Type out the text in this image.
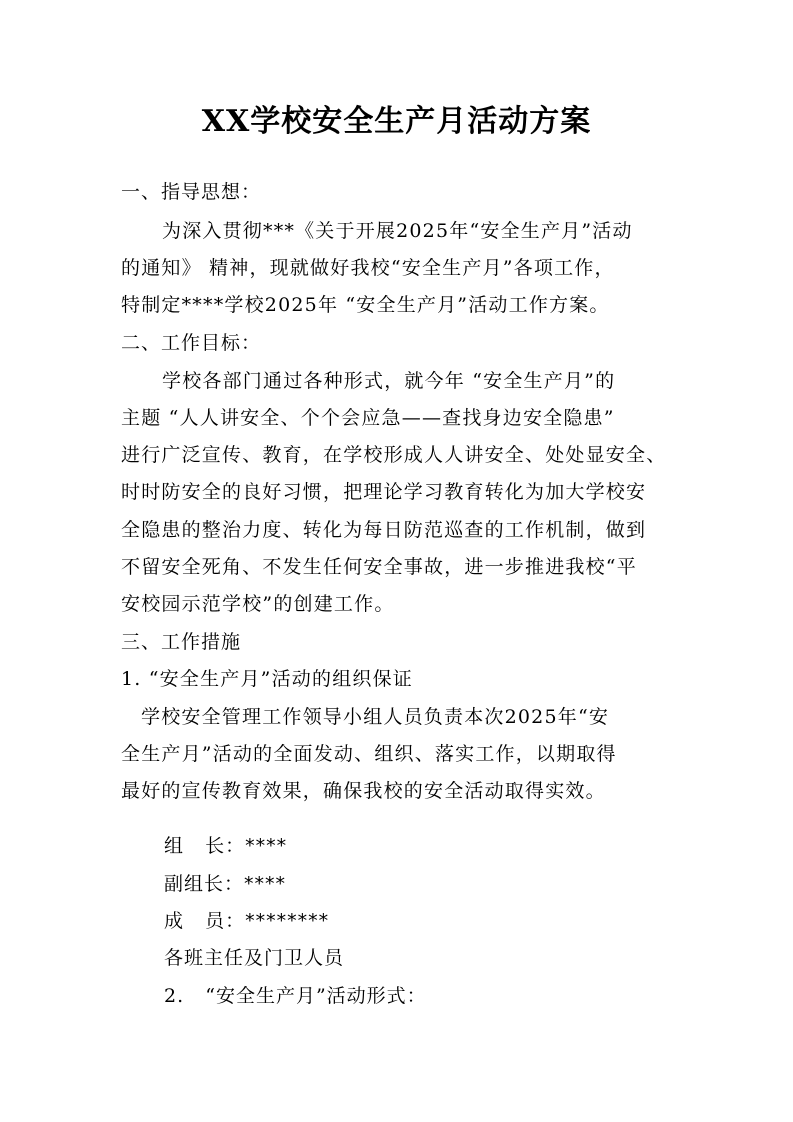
XX学校安全生产月活动方案
一、指导思想：
为深入贯彻***《关于开展2025年“安全生产月”活动
的通知》 精神，现就做好我校“安全生产月”各项工作，
特制定****学校2025年 “安全生产月”活动工作方案。
二、工作目标：
学校各部门通过各种形式，就今年 “安全生产月”的
主题 “人人讲安全、个个会应急——查找身边安全隐患”
进行广泛宣传、教育，在学校形成人人讲安全、处处显安全、
时时防安全的良好习惯，把理论学习教育转化为加大学校安
全隐患的整治力度、转化为每日防范巡查的工作机制，做到
不留安全死角、不发生任何安全事故，进一步推进我校“平
安校园示范学校”的创建工作。
三、工作措施
1. “安全生产月”活动的组织保证
学校安全管理工作领导小组人员负责本次2025年“安
全生产月”活动的全面发动、组织、落实工作，以期取得
最好的宣传教育效果，确保我校的安全活动取得实效。
组   长：****
副组长：****
成   员：********
各班主任及门卫人员
2.   “安全生产月”活动形式：
